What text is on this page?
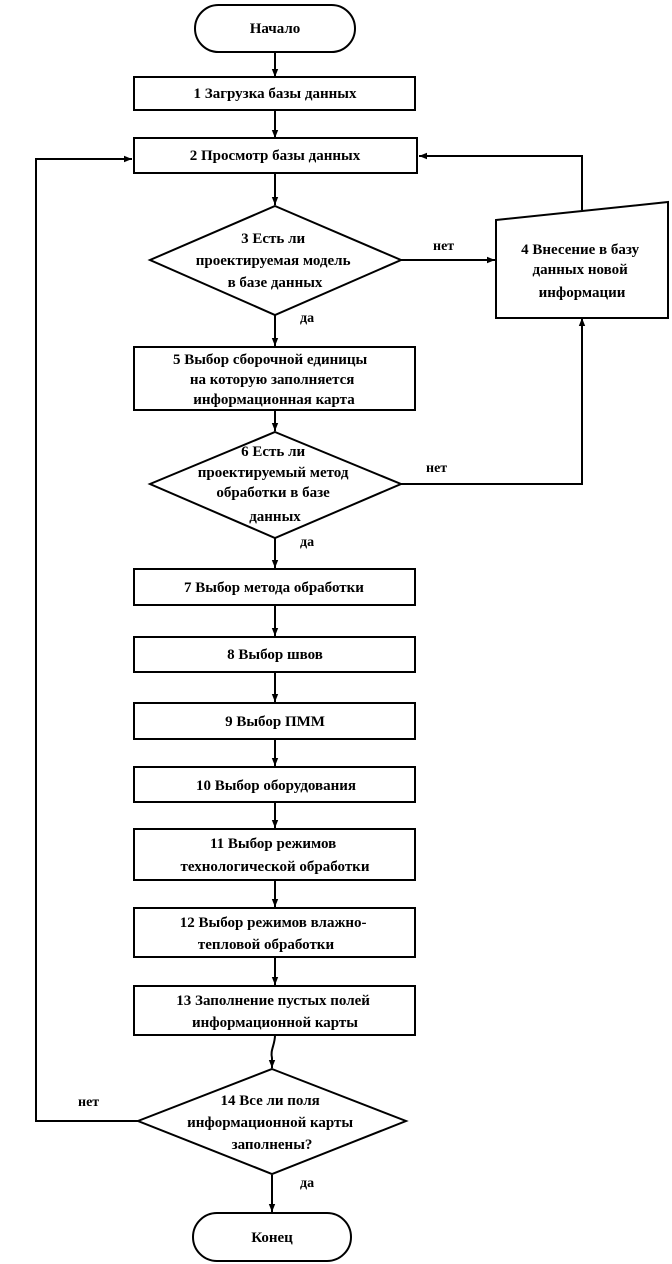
Начало
1 Загрузка базы данных
2 Просмотр базы данных
3 Есть ли проектируемая модель в базе данных
4 Внесение в базу данных новой информации
5 Выбор сборочной единицы на которую заполняется информационная карта
6 Есть ли проектируемый метод обработки в базе данных
7 Выбор метода обработки
8 Выбор швов
9 Выбор ПММ
10 Выбор оборудования
11 Выбор режимов технологической обработки
12 Выбор режимов влажно- тепловой обработки
13 Заполнение пустых полей информационной карты
14 Все ли поля информационной карты заполнены?
Конец
нет
да
нет
да
нет
да
